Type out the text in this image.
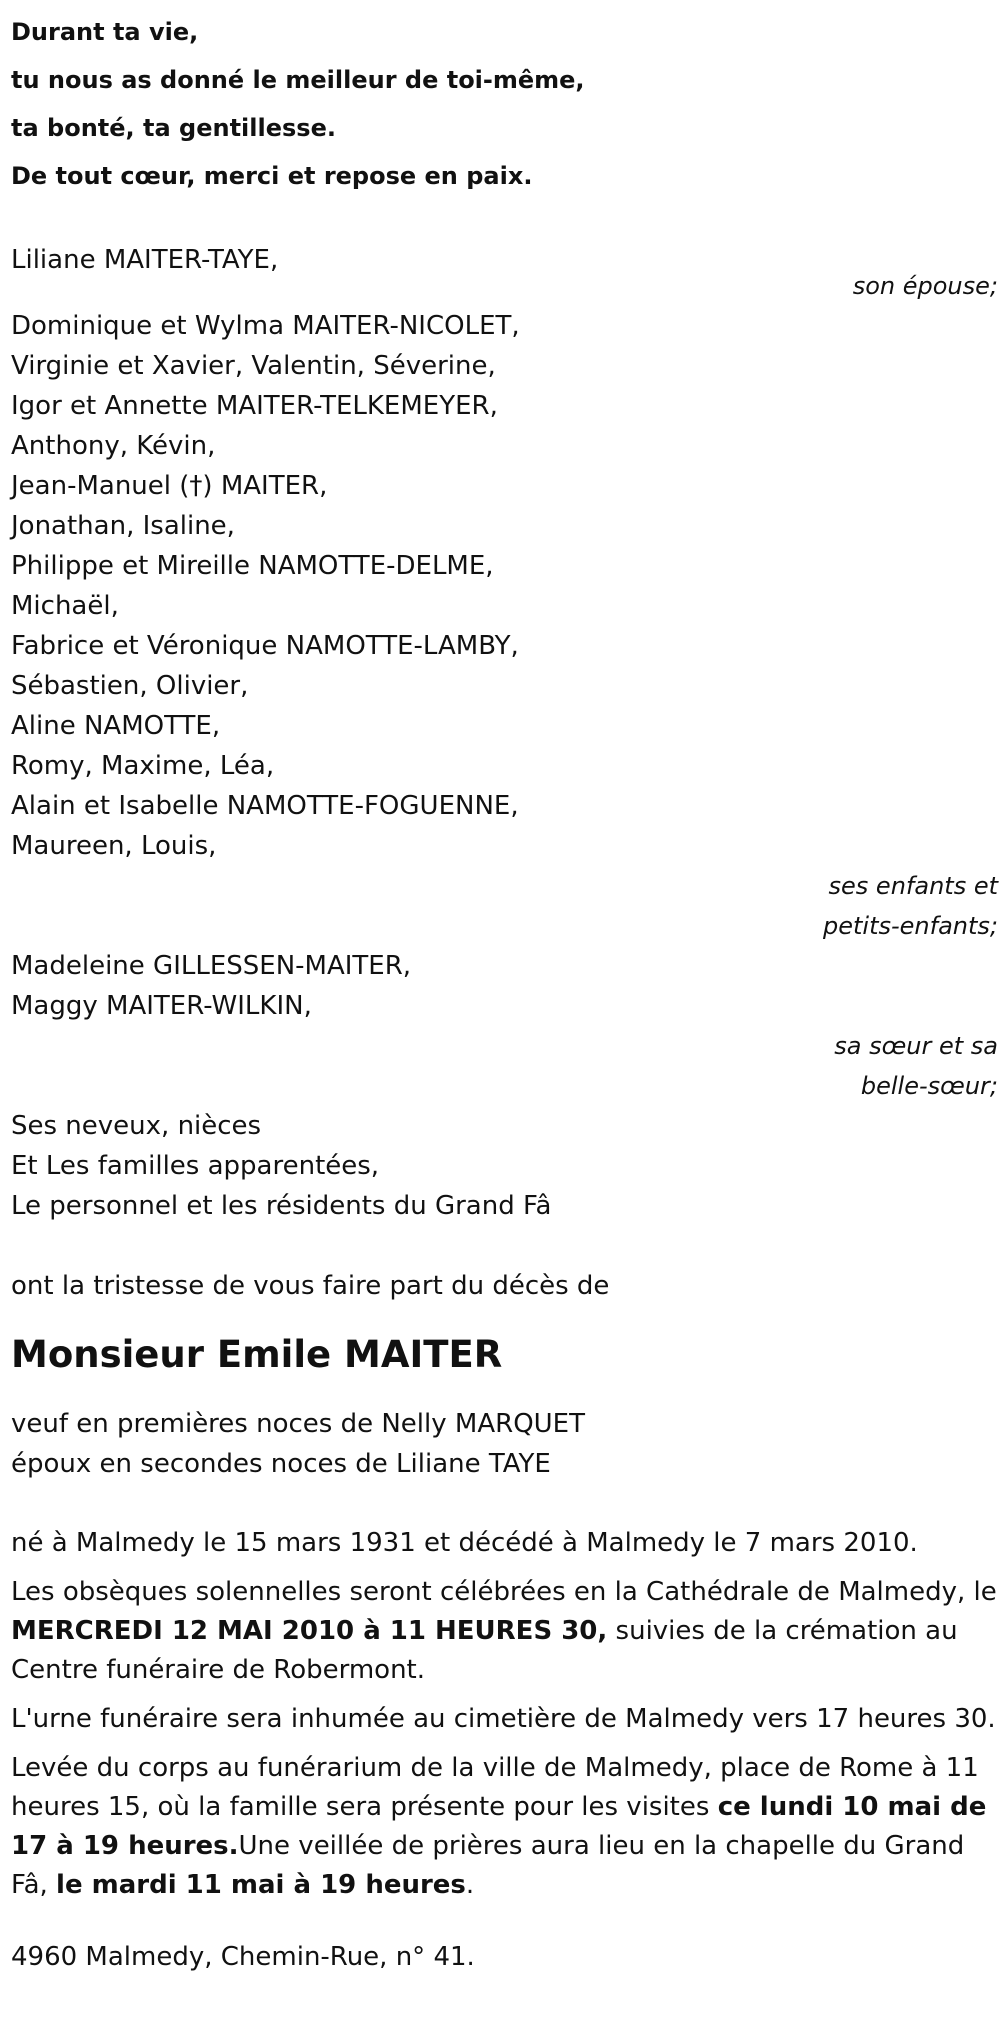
Durant ta vie,

tu nous as donné le meilleur de toi-même,

ta bonté, ta gentillesse.

De tout cœur, merci et repose en paix.

Liliane MAITER-TAYE,

son épouse;

Dominique et Wylma MAITER-NICOLET,

Virginie et Xavier, Valentin, Séverine,

Igor et Annette MAITER-TELKEMEYER,

Anthony, Kévin,

Jean-Manuel (†) MAITER,

Jonathan, Isaline,

Philippe et Mireille NAMOTTE-DELME,

Michaël,

Fabrice et Véronique NAMOTTE-LAMBY,

Sébastien, Olivier,

Aline NAMOTTE,

Romy, Maxime, Léa,

Alain et Isabelle NAMOTTE-FOGUENNE,

Maureen, Louis,

ses enfants et

petits-enfants;

Madeleine GILLESSEN-MAITER,

Maggy MAITER-WILKIN,

sa sœur et sa

belle-sœur;

Ses neveux, nièces

Et Les familles apparentées,

Le personnel et les résidents du Grand Fâ

ont la tristesse de vous faire part du décès de

Monsieur Emile MAITER

veuf en premières noces de Nelly MARQUET

époux en secondes noces de Liliane TAYE

né à Malmedy le 15 mars 1931 et décédé à Malmedy le 7 mars 2010.

Les obsèques solennelles seront célébrées en la Cathédrale de Malmedy, le MERCREDI 12 MAI 2010 à 11 HEURES 30, suivies de la crémation au Centre funéraire de Robermont.

L'urne funéraire sera inhumée au cimetière de Malmedy vers 17 heures 30.

Levée du corps au funérarium de la ville de Malmedy, place de Rome à 11 heures 15, où la famille sera présente pour les visites ce lundi 10 mai de 17 à 19 heures.Une veillée de prières aura lieu en la chapelle du Grand Fâ, le mardi 11 mai à 19 heures.

4960 Malmedy, Chemin-Rue, n° 41.
